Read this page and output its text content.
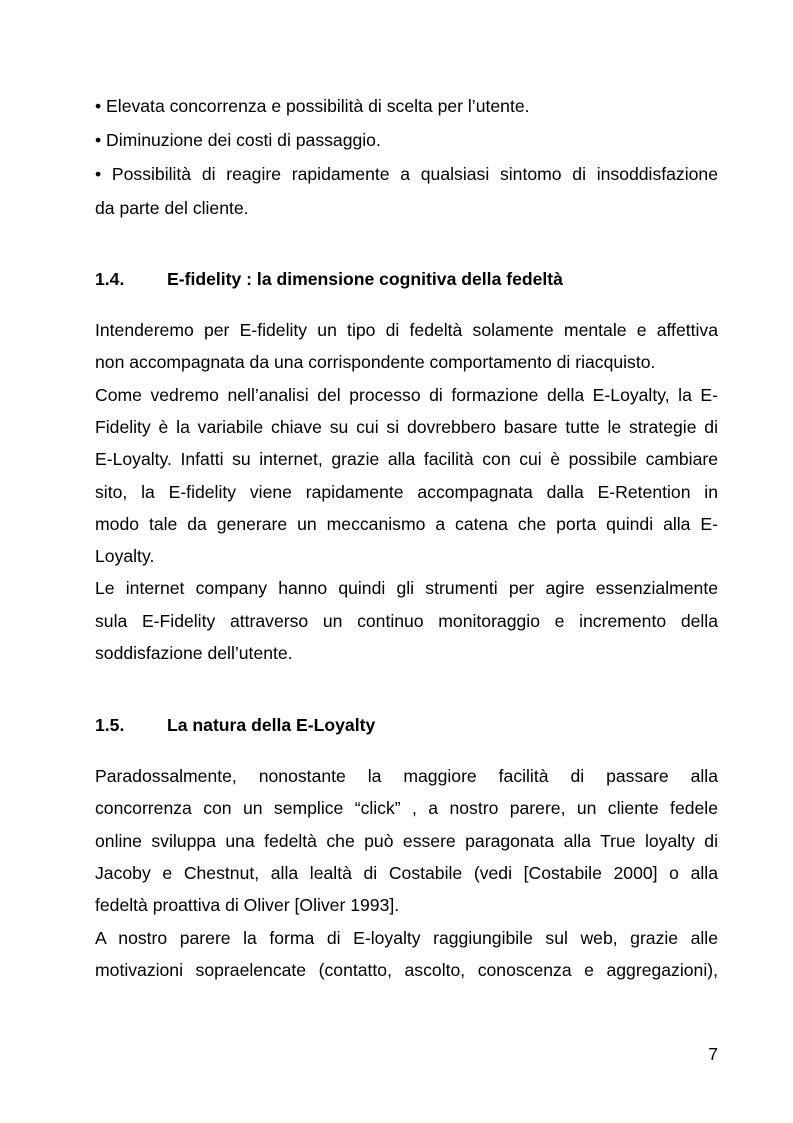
• Elevata concorrenza e possibilità di scelta per l’utente.
• Diminuzione dei costi di passaggio.
• Possibilità di reagire rapidamente a qualsiasi sintomo di insoddisfazione
da parte del cliente.
1.4. E-fidelity : la dimensione cognitiva della fedeltà
Intenderemo per E-fidelity un tipo di fedeltà solamente mentale e affettiva
non accompagnata da una corrispondente comportamento di riacquisto.
Come vedremo nell’analisi del processo di formazione della E-Loyalty, la E-
Fidelity è la variabile chiave su cui si dovrebbero basare tutte le strategie di
E-Loyalty. Infatti su internet, grazie alla facilità con cui è possibile cambiare
sito, la E-fidelity viene rapidamente accompagnata dalla E-Retention in
modo tale da generare un meccanismo a catena che porta quindi alla E-
Loyalty.
Le internet company hanno quindi gli strumenti per agire essenzialmente
sula E-Fidelity attraverso un continuo monitoraggio e incremento della
soddisfazione dell’utente.
1.5. La natura della E-Loyalty
Paradossalmente, nonostante la maggiore facilità di passare alla
concorrenza con un semplice “click” , a nostro parere, un cliente fedele
online sviluppa una fedeltà che può essere paragonata alla True loyalty di
Jacoby e Chestnut, alla lealtà di Costabile (vedi [Costabile 2000] o alla
fedeltà proattiva di Oliver [Oliver 1993].
A nostro parere la forma di E-loyalty raggiungibile sul web, grazie alle
motivazioni sopraelencate (contatto, ascolto, conoscenza e aggregazioni),
7
